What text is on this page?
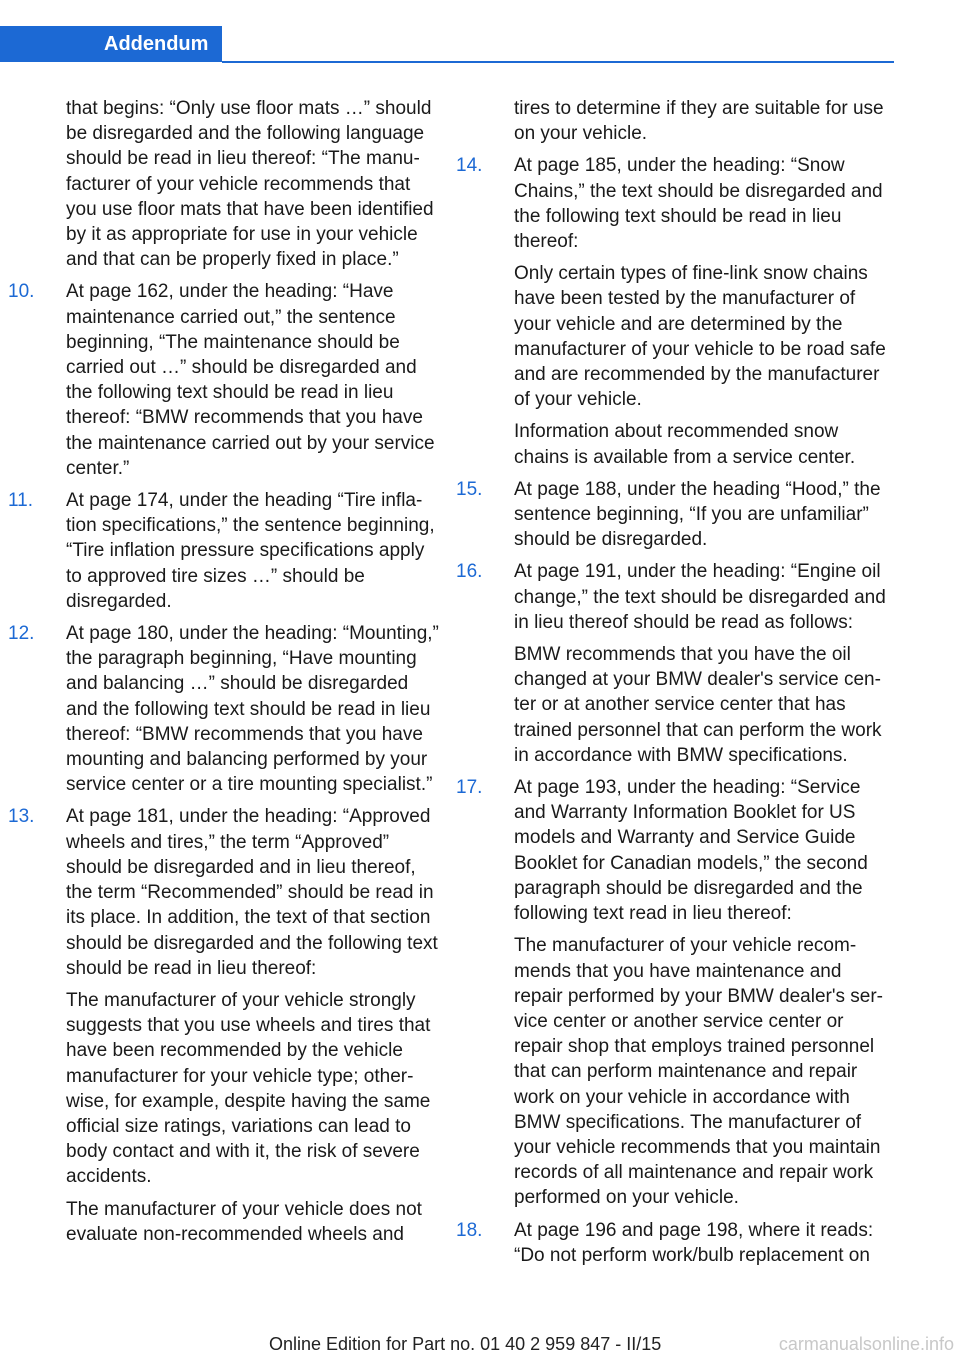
Addendum

that begins: “Only use floor mats …” should be disregarded and the following language should be read in lieu thereof: “The manufacturer of your vehicle recommends that you use floor mats that have been identified by it as appropriate for use in your vehicle and that can be properly fixed in place.”

10.	At page 162, under the heading: “Have maintenance carried out,” the sentence beginning, “The maintenance should be carried out …” should be disregarded and the following text should be read in lieu thereof: “BMW recommends that you have the maintenance carried out by your service center.”

11.	At page 174, under the heading “Tire inflation specifications,” the sentence beginning, “Tire inflation pressure specifications apply to approved tire sizes …” should be disregarded.

12.	At page 180, under the heading: “Mounting,” the paragraph beginning, “Have mounting and balancing …” should be disregarded and the following text should be read in lieu thereof: “BMW recommends that you have mounting and balancing performed by your service center or a tire mounting specialist.”

13.	At page 181, under the heading: “Approved wheels and tires,” the term “Approved” should be disregarded and in lieu thereof, the term “Recommended” should be read in its place. In addition, the text of that section should be disregarded and the following text should be read in lieu thereof:

The manufacturer of your vehicle strongly suggests that you use wheels and tires that have been recommended by the vehicle manufacturer for your vehicle type; otherwise, for example, despite having the same official size ratings, variations can lead to body contact and with it, the risk of severe accidents.

The manufacturer of your vehicle does not evaluate non-recommended wheels and

tires to determine if they are suitable for use on your vehicle.

14.	At page 185, under the heading: “Snow Chains,” the text should be disregarded and the following text should be read in lieu thereof:

Only certain types of fine-link snow chains have been tested by the manufacturer of your vehicle and are determined by the manufacturer of your vehicle to be road safe and are recommended by the manufacturer of your vehicle.

Information about recommended snow chains is available from a service center.

15.	At page 188, under the heading “Hood,” the sentence beginning, “If you are unfamiliar” should be disregarded.

16.	At page 191, under the heading: “Engine oil change,” the text should be disregarded and in lieu thereof should be read as follows:

BMW recommends that you have the oil changed at your BMW dealer's service center or at another service center that has trained personnel that can perform the work in accordance with BMW specifications.

17.	At page 193, under the heading: “Service and Warranty Information Booklet for US models and Warranty and Service Guide Booklet for Canadian models,” the second paragraph should be disregarded and the following text read in lieu thereof:

The manufacturer of your vehicle recommends that you have maintenance and repair performed by your BMW dealer's service center or another service center or repair shop that employs trained personnel that can perform maintenance and repair work on your vehicle in accordance with BMW specifications. The manufacturer of your vehicle recommends that you maintain records of all maintenance and repair work performed on your vehicle.

18.	At page 196 and page 198, where it reads: “Do not perform work/bulb replacement on

Online Edition for Part no. 01 40 2 959 847 - II/15	carmanualsonline.info
